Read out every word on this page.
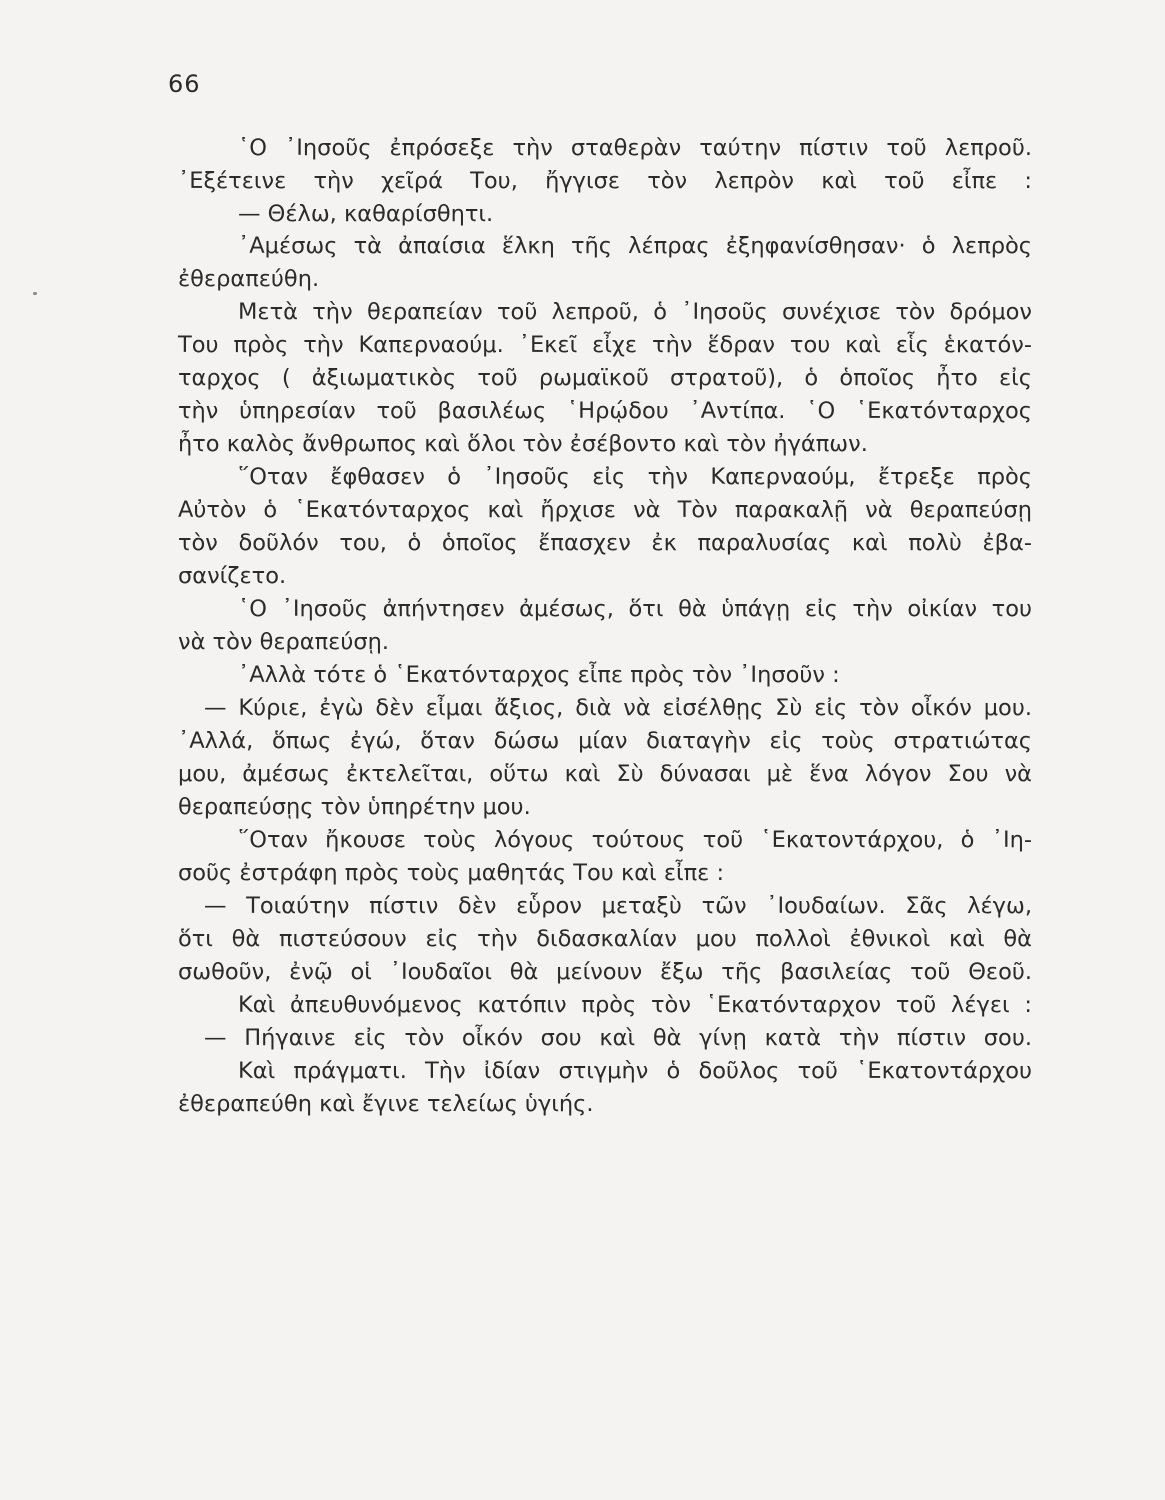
66
῾Ο ᾿Ιησοῦς ἐπρόσεξε τὴν σταθερὰν ταύτην πίστιν τοῦ λεπροῦ.
᾿Εξέτεινε τὴν χεῖρά Του, ἤγγισε τὸν λεπρὸν καὶ τοῦ εἶπε :
— Θέλω, καθαρίσθητι.
᾿Αμέσως τὰ ἀπαίσια ἕλκη τῆς λέπρας ἐξηφανίσθησαν· ὁ λεπρὸς
ἐθεραπεύθη.
Μετὰ τὴν θεραπείαν τοῦ λεπροῦ, ὁ ᾿Ιησοῦς συνέχισε τὸν δρόμον
Του πρὸς τὴν Καπερναούμ. ᾿Εκεῖ εἶχε τὴν ἕδραν του καὶ εἷς ἑκατόν-
ταρχος ( ἀξιωματικὸς τοῦ ρωμαϊκοῦ στρατοῦ), ὁ ὁποῖος ἦτο εἰς
τὴν ὑπηρεσίαν τοῦ βασιλέως ῾Ηρῴδου ᾿Αντίπα. ῾Ο ῾Εκατόνταρχος
ἦτο καλὸς ἄνθρωπος καὶ ὅλοι τὸν ἐσέβοντο καὶ τὸν ἠγάπων.
῞Οταν ἔφθασεν ὁ ᾿Ιησοῦς εἰς τὴν Καπερναούμ, ἔτρεξε πρὸς
Αὐτὸν ὁ ῾Εκατόνταρχος καὶ ἤρχισε νὰ Τὸν παρακαλῇ νὰ θεραπεύσῃ
τὸν δοῦλόν του, ὁ ὁποῖος ἔπασχεν ἐκ παραλυσίας καὶ πολὺ ἐβα-
σανίζετο.
῾Ο ᾿Ιησοῦς ἀπήντησεν ἀμέσως, ὅτι θὰ ὑπάγῃ εἰς τὴν οἰκίαν του
νὰ τὸν θεραπεύσῃ.
᾿Αλλὰ τότε ὁ ῾Εκατόνταρχος εἶπε πρὸς τὸν ᾿Ιησοῦν :
— Κύριε, ἐγὼ δὲν εἶμαι ἄξιος, διὰ νὰ εἰσέλθῃς Σὺ εἰς τὸν οἶκόν μου.
᾿Αλλά, ὅπως ἐγώ, ὅταν δώσω μίαν διαταγὴν εἰς τοὺς στρατιώτας
μου, ἀμέσως ἐκτελεῖται, οὕτω καὶ Σὺ δύνασαι μὲ ἕνα λόγον Σου νὰ
θεραπεύσῃς τὸν ὑπηρέτην μου.
῞Οταν ἤκουσε τοὺς λόγους τούτους τοῦ ῾Εκατοντάρχου, ὁ ᾿Ιη-
σοῦς ἐστράφη πρὸς τοὺς μαθητάς Του καὶ εἶπε :
— Τοιαύτην πίστιν δὲν εὗρον μεταξὺ τῶν ᾿Ιουδαίων. Σᾶς λέγω,
ὅτι θὰ πιστεύσουν εἰς τὴν διδασκαλίαν μου πολλοὶ ἐθνικοὶ καὶ θὰ
σωθοῦν, ἐνῷ οἱ ᾿Ιουδαῖοι θὰ μείνουν ἔξω τῆς βασιλείας τοῦ Θεοῦ.
Καὶ ἀπευθυνόμενος κατόπιν πρὸς τὸν ῾Εκατόνταρχον τοῦ λέγει :
— Πήγαινε εἰς τὸν οἶκόν σου καὶ θὰ γίνῃ κατὰ τὴν πίστιν σου.
Καὶ πράγματι. Τὴν ἰδίαν στιγμὴν ὁ δοῦλος τοῦ ῾Εκατοντάρχου
ἐθεραπεύθη καὶ ἔγινε τελείως ὑγιής.
